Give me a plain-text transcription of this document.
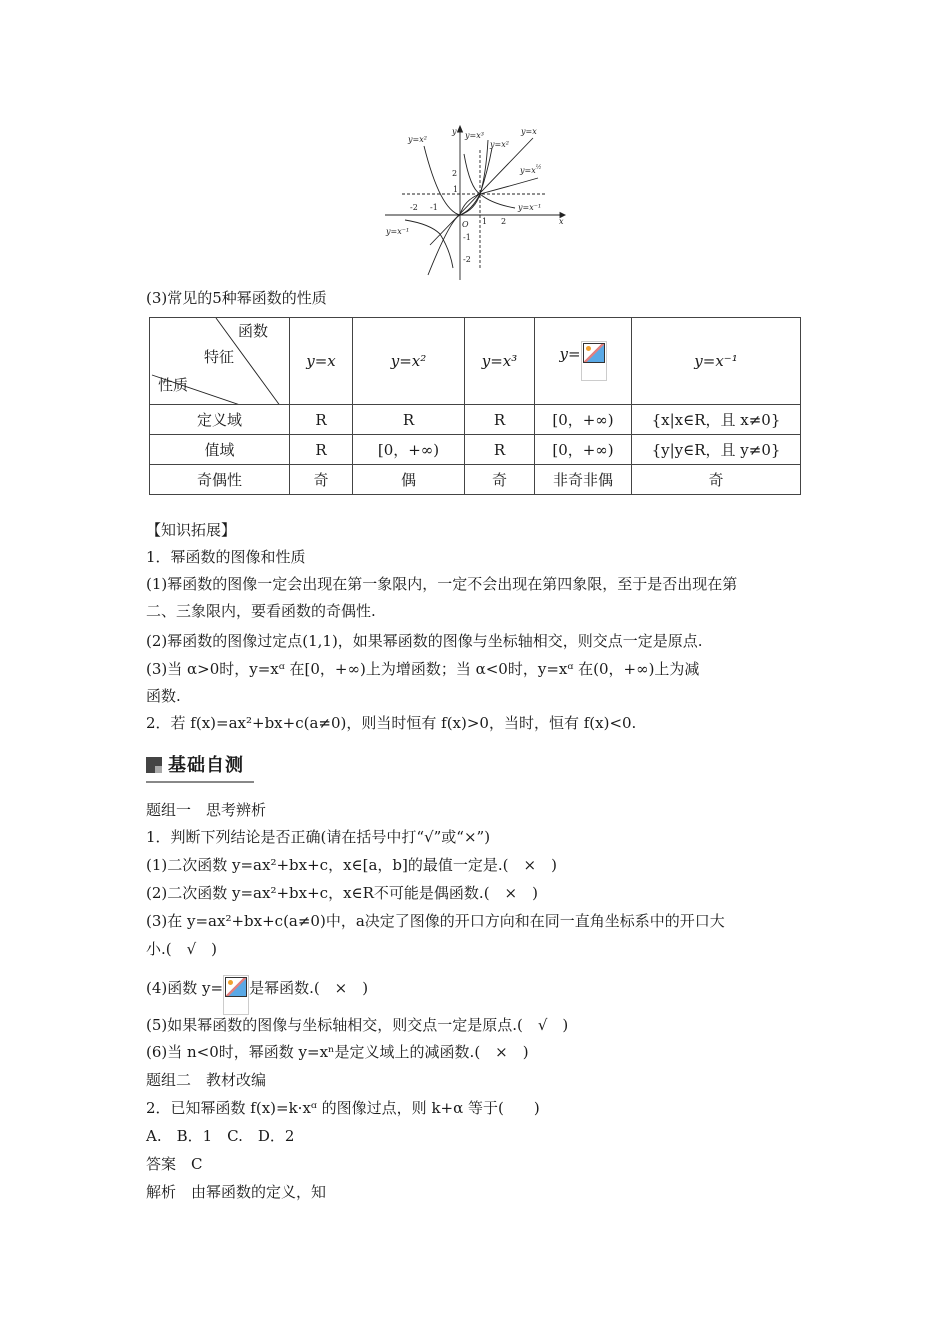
y=x²	y=x³	y=x
y=x²
$y=x^{\frac{1}{2}}$
y=x⁻¹
y=x⁻¹
x
y
O
-2 -1
1 2
2
1
-1
-2
(3)常见的5种幂函数的性质
函数
特征
性质	y=x	y=x²	y=x³	y=	y=x⁻¹
定义域	R	R	R	[0，+∞)	{x|x∈R，且 x≠0}
值域	R	[0，+∞)	R	[0，+∞)	{y|y∈R，且 y≠0}
奇偶性	奇	偶	奇	非奇非偶	奇
【知识拓展】
1．幂函数的图像和性质
(1)幂函数的图像一定会出现在第一象限内，一定不会出现在第四象限，至于是否出现在第
二、三象限内，要看函数的奇偶性.
(2)幂函数的图像过定点(1,1)，如果幂函数的图像与坐标轴相交，则交点一定是原点.
(3)当 α>0时，y=xᵅ 在[0，+∞)上为增函数；当 α<0时，y=xᵅ 在(0，+∞)上为减
函数.
2．若 f(x)=ax²+bx+c(a≠0)，则当时恒有 f(x)>0，当时，恒有 f(x)<0.
基础自测
题组一　思考辨析
1．判断下列结论是否正确(请在括号中打“√”或“×”)
(1)二次函数 y=ax²+bx+c，x∈[a，b]的最值一定是.(　×　)
(2)二次函数 y=ax²+bx+c，x∈R不可能是偶函数.(　×　)
(3)在 y=ax²+bx+c(a≠0)中，a决定了图像的开口方向和在同一直角坐标系中的开口大
小.(　√　)
(4)函数 y= 是幂函数.(　×　)
(5)如果幂函数的图像与坐标轴相交，则交点一定是原点.(　√　)
(6)当 n<0时，幂函数 y=xⁿ是定义域上的减函数.(　×　)
题组二　教材改编
2．已知幂函数 f(x)=k·xᵅ 的图像过点，则 k+α 等于(　　)
A.　B．1　C.　D．2
答案　C
解析　由幂函数的定义，知
